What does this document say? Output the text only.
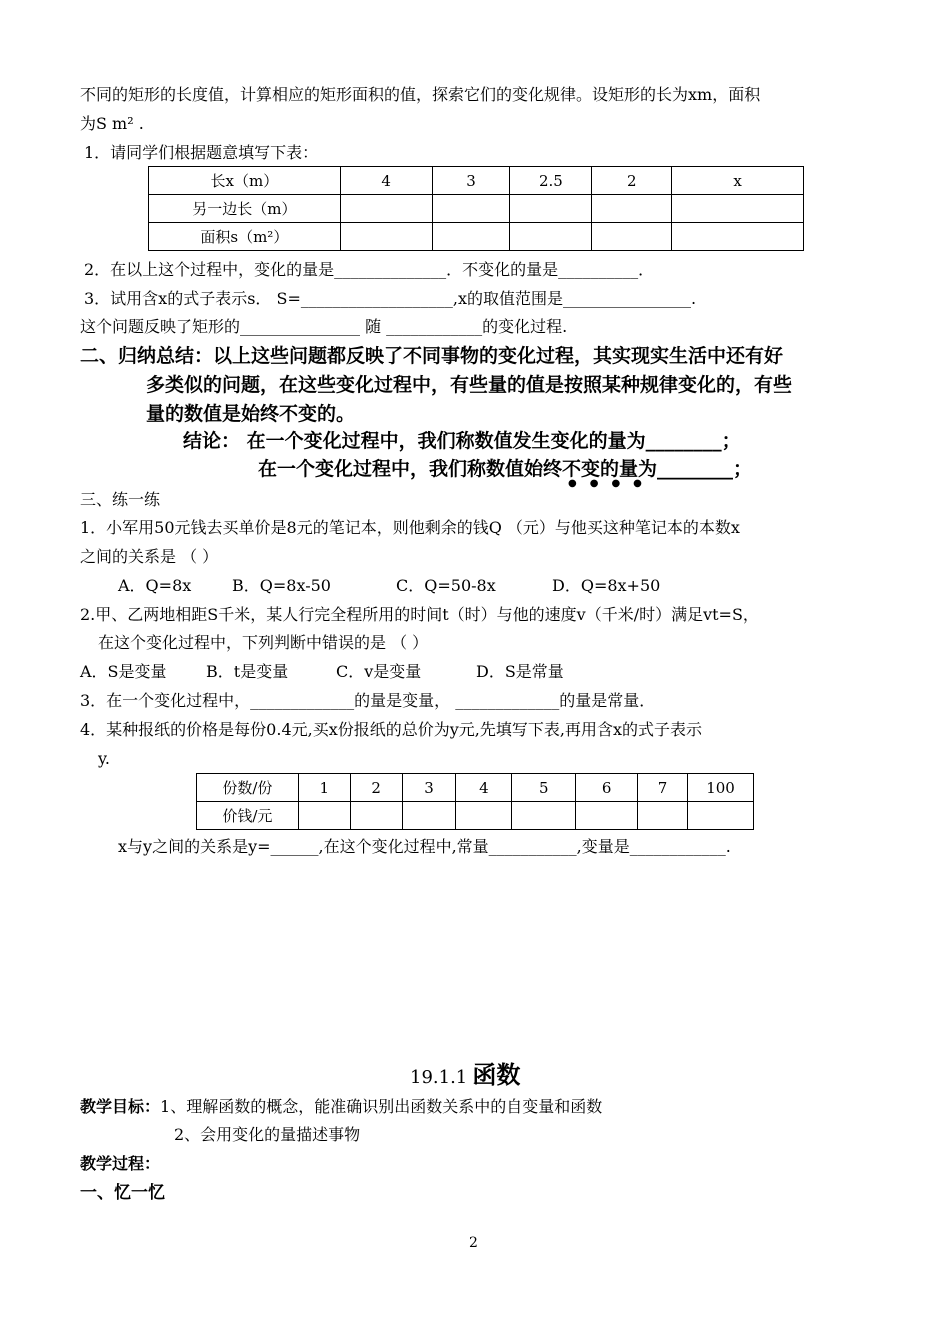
不同的矩形的长度值，计算相应的矩形面积的值，探索它们的变化规律。设矩形的长为xm，面积
为S m² .
1．请同学们根据题意填写下表：
长x（m）	4	3	2.5	2	x
另一边长（m）					
面积s（m²）					
2．在以上这个过程中，变化的量是______________．不变化的量是__________．
3．试用含x的式子表示s． S=___________________,x的取值范围是________________.
这个问题反映了矩形的_______________ 随 ____________的变化过程.
二、归纳总结：以上这些问题都反映了不同事物的变化过程，其实现实生活中还有好
多类似的问题，在这些变化过程中，有些量的值是按照某种规律变化的，有些
量的数值是始终不变的。
结论： 在一个变化过程中，我们称数值发生变化的量为________；
在一个变化过程中，我们称数值始终不变的量为________；
●●●●
三、练一练
1．小军用50元钱去买单价是8元的笔记本，则他剩余的钱Q （元）与他买这种笔记本的本数x
之间的关系是 （ ）
A．Q=8x	B．Q=8x-50	C．Q=50-8x	D．Q=8x+50
2.甲、乙两地相距S千米，某人行完全程所用的时间t（时）与他的速度v（千米/时）满足vt=S，
在这个变化过程中，下列判断中错误的是 （ ）
A．S是变量 B．t是变量	C．v是变量	D．S是常量
3．在一个变化过程中，_____________的量是变量， _____________的量是常量．
4．某种报纸的价格是每份0.4元,买x份报纸的总价为y元,先填写下表,再用含x的式子表示
y.
份数/份	1	2	3	4	5	6	7	100
价钱/元								
x与y之间的关系是y=______,在这个变化过程中,常量___________,变量是____________.
19.1.1 函数
教学目标：1、理解函数的概念，能准确识别出函数关系中的自变量和函数
2、会用变化的量描述事物
教学过程：
一、忆一忆
2
